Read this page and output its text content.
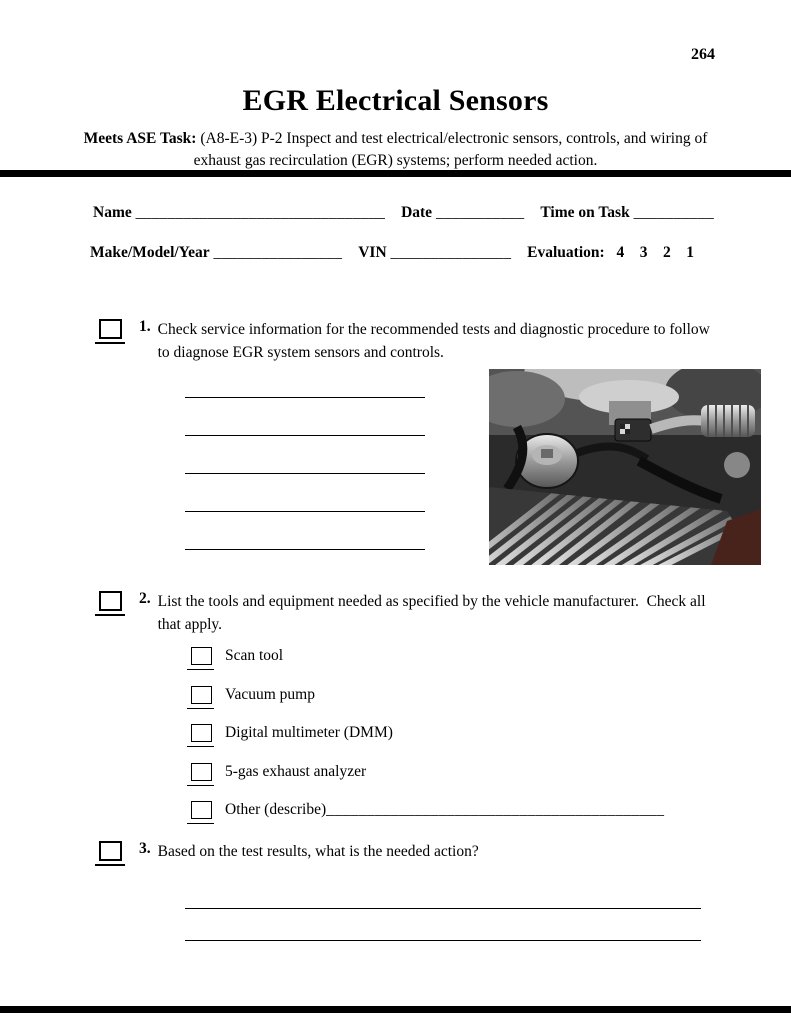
264
EGR Electrical Sensors
Meets ASE Task: (A8-E-3) P-2 Inspect and test electrical/electronic sensors, controls, and wiring of
exhaust gas recirculation (EGR) systems; perform needed action.
Name _______________________________ Date ___________ Time on Task __________
Make/Model/Year ________________ VIN _______________ Evaluation: 4    3    2    1
1. Check service information for the recommended tests and diagnostic procedure to follow to diagnose EGR system sensors and controls.
2. List the tools and equipment needed as specified by the vehicle manufacturer.  Check all that apply.
Scan tool
Vacuum pump
Digital multimeter (DMM)
5-gas exhaust analyzer
Other (describe) __________________________________________
3. Based on the test results, what is the needed action?
